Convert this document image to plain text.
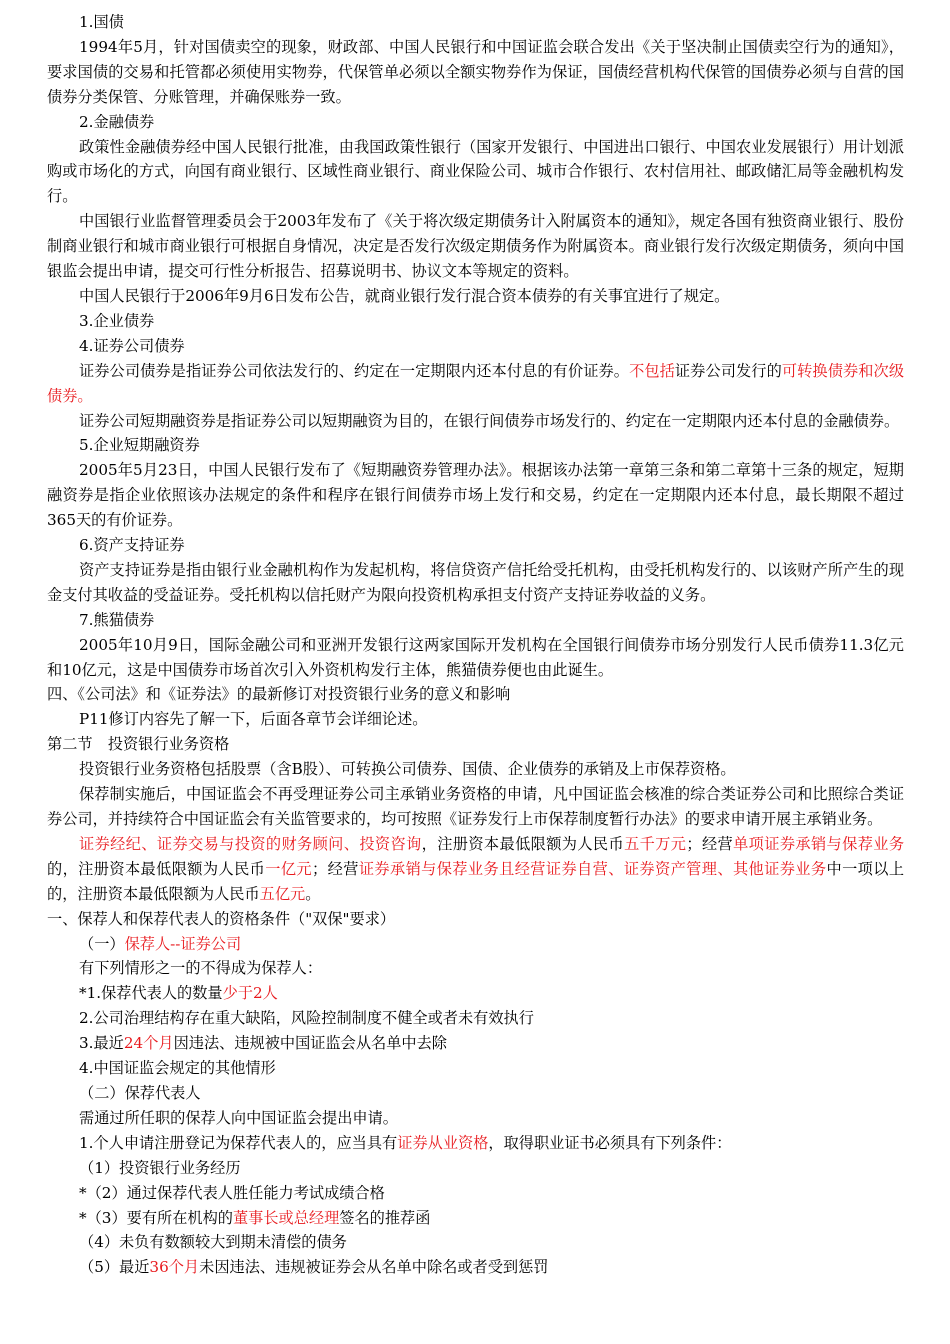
1.国债

1994年5月，针对国债卖空的现象，财政部、中国人民银行和中国证监会联合发出《关于坚决制止国债卖空行为的通知》，要求国债的交易和托管都必须使用实物券，代保管单必须以全额实物券作为保证，国债经营机构代保管的国债券必须与自营的国债券分类保管、分账管理，并确保账券一致。

2.金融债券

政策性金融债券经中国人民银行批准，由我国政策性银行（国家开发银行、中国进出口银行、中国农业发展银行）用计划派购或市场化的方式，向国有商业银行、区域性商业银行、商业保险公司、城市合作银行、农村信用社、邮政储汇局等金融机构发行。

中国银行业监督管理委员会于2003年发布了《关于将次级定期债务计入附属资本的通知》，规定各国有独资商业银行、股份制商业银行和城市商业银行可根据自身情况，决定是否发行次级定期债务作为附属资本。商业银行发行次级定期债务，须向中国银监会提出申请，提交可行性分析报告、招募说明书、协议文本等规定的资料。

中国人民银行于2006年9月6日发布公告，就商业银行发行混合资本债券的有关事宜进行了规定。

3.企业债券

4.证券公司债券

证券公司债券是指证券公司依法发行的、约定在一定期限内还本付息的有价证券。不包括证券公司发行的可转换债券和次级债券。

证券公司短期融资券是指证券公司以短期融资为目的，在银行间债券市场发行的、约定在一定期限内还本付息的金融债券。

5.企业短期融资券

2005年5月23日，中国人民银行发布了《短期融资券管理办法》。根据该办法第一章第三条和第二章第十三条的规定，短期融资券是指企业依照该办法规定的条件和程序在银行间债券市场上发行和交易，约定在一定期限内还本付息，最长期限不超过365天的有价证券。

6.资产支持证券

资产支持证券是指由银行业金融机构作为发起机构，将信贷资产信托给受托机构，由受托机构发行的、以该财产所产生的现金支付其收益的受益证券。受托机构以信托财产为限向投资机构承担支付资产支持证券收益的义务。

7.熊猫债券

2005年10月9日，国际金融公司和亚洲开发银行这两家国际开发机构在全国银行间债券市场分别发行人民币债券11.3亿元和10亿元，这是中国债券市场首次引入外资机构发行主体，熊猫债券便也由此诞生。

四、《公司法》和《证券法》的最新修订对投资银行业务的意义和影响

P11修订内容先了解一下，后面各章节会详细论述。

第二节　投资银行业务资格

投资银行业务资格包括股票（含B股）、可转换公司债券、国债、企业债券的承销及上市保荐资格。

保荐制实施后，中国证监会不再受理证券公司主承销业务资格的申请，凡中国证监会核准的综合类证券公司和比照综合类证券公司，并持续符合中国证监会有关监管要求的，均可按照《证券发行上市保荐制度暂行办法》的要求申请开展主承销业务。

证券经纪、证券交易与投资的财务顾问、投资咨询，注册资本最低限额为人民币五千万元；经营单项证券承销与保荐业务的，注册资本最低限额为人民币一亿元；经营证券承销与保荐业务且经营证券自营、证券资产管理、其他证券业务中一项以上的，注册资本最低限额为人民币五亿元。

一、保荐人和保荐代表人的资格条件（"双保"要求）

（一）保荐人--证券公司

有下列情形之一的不得成为保荐人：

*1.保荐代表人的数量少于2人

2.公司治理结构存在重大缺陷，风险控制制度不健全或者未有效执行

3.最近24个月因违法、违规被中国证监会从名单中去除

4.中国证监会规定的其他情形

（二）保荐代表人

需通过所任职的保荐人向中国证监会提出申请。

1.个人申请注册登记为保荐代表人的，应当具有证券从业资格，取得职业证书必须具有下列条件：

（1）投资银行业务经历

*（2）通过保荐代表人胜任能力考试成绩合格

*（3）要有所在机构的董事长或总经理签名的推荐函

（4）未负有数额较大到期未清偿的债务

（5）最近36个月未因违法、违规被证券会从名单中除名或者受到惩罚
